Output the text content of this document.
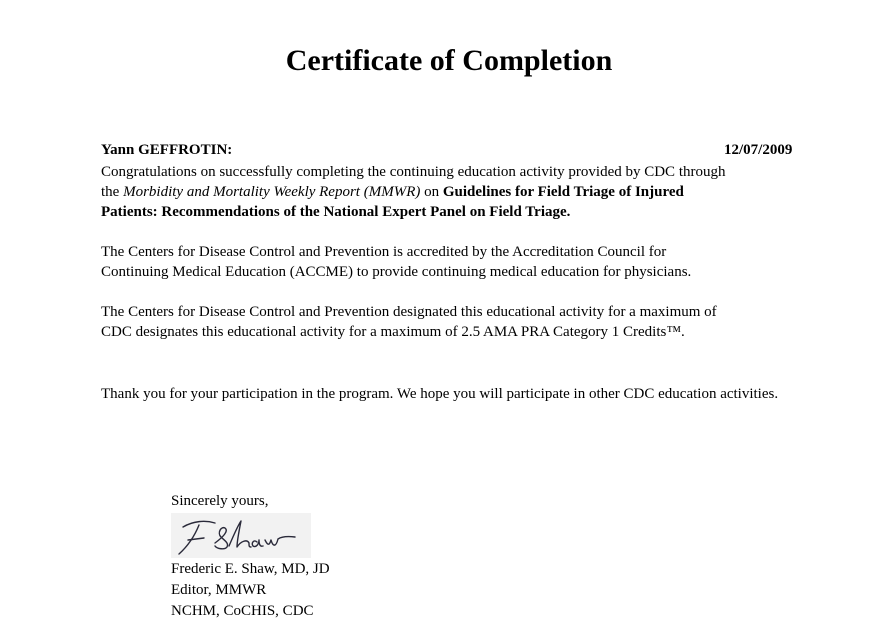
Certificate of Completion
Yann GEFFROTIN:	12/07/2009
Congratulations on successfully completing the continuing education activity provided by CDC through
the Morbidity and Mortality Weekly Report (MMWR) on Guidelines for Field Triage of Injured
Patients: Recommendations of the National Expert Panel on Field Triage.
The Centers for Disease Control and Prevention is accredited by the Accreditation Council for
Continuing Medical Education (ACCME) to provide continuing medical education for physicians.
The Centers for Disease Control and Prevention designated this educational activity for a maximum of
CDC designates this educational activity for a maximum of 2.5 AMA PRA Category 1 Credits™.
Thank you for your participation in the program. We hope you will participate in other CDC education activities.
Sincerely yours,
Frederic E. Shaw, MD, JD
Editor, MMWR
NCHM, CoCHIS, CDC
